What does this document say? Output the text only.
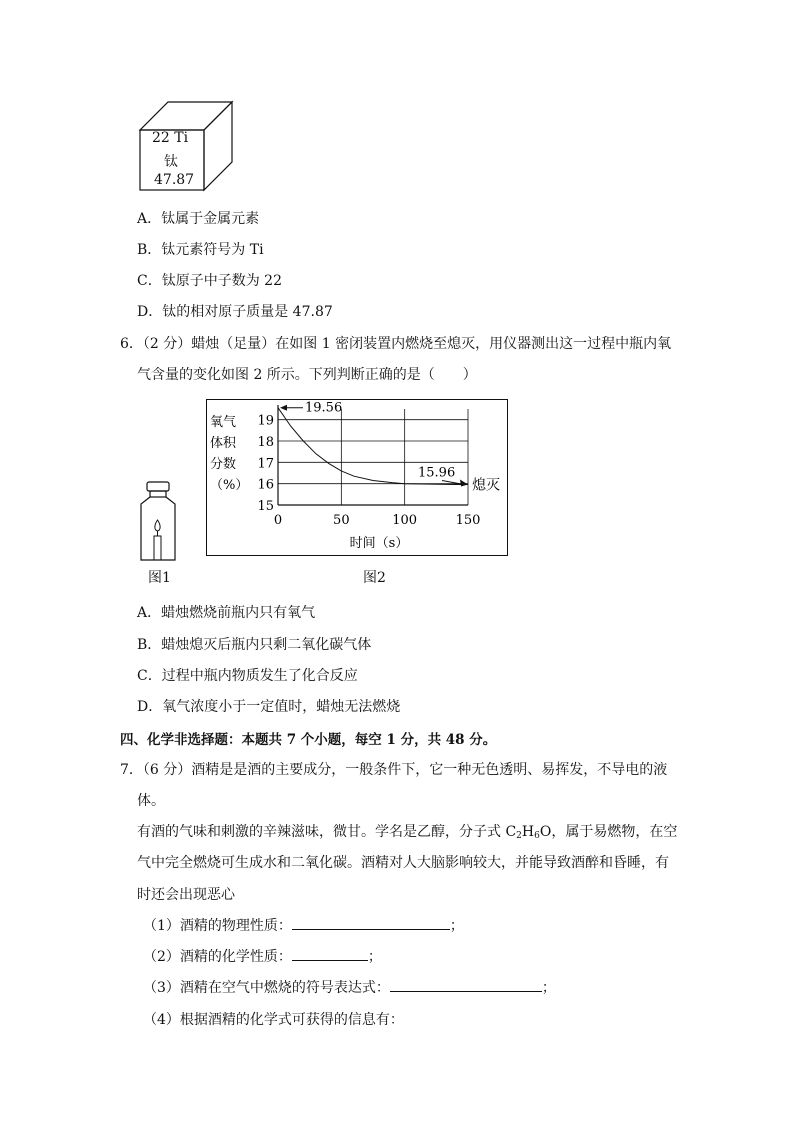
22 Ti
钛
47.87
A．钛属于金属元素
B．钛元素符号为 Ti
C．钛原子中子数为 22
D．钛的相对原子质量是 47.87
6．（2 分）蜡烛（足量）在如图 1 密闭装置内燃烧至熄灭，用仪器测出这一过程中瓶内氧
气含量的变化如图 2 所示。下列判断正确的是（　　）
图1
19
18
17
16
15
0	50	100	150
氧气
体积
分数
（%）
时间（s）
19.56
15.96
熄灭
图2
A．蜡烛燃烧前瓶内只有氧气
B．蜡烛熄灭后瓶内只剩二氧化碳气体
C．过程中瓶内物质发生了化合反应
D．氧气浓度小于一定值时，蜡烛无法燃烧
四、化学非选择题：本题共 7 个小题，每空 1 分，共 48 分。
7．（6 分）酒精是是酒的主要成分，一般条件下，它一种无色透明、易挥发，不导电的液
体。
有酒的气味和刺激的辛辣滋味，微甘。学名是乙醇，分子式 $C_2H_6O$，属于易燃物，在空
气中完全燃烧可生成水和二氧化碳。酒精对人大脑影响较大，并能导致酒醉和昏睡，有
时还会出现恶心
（1）酒精的物理性质：	；
（2）酒精的化学性质：	；
（3）酒精在空气中燃烧的符号表达式：	；
（4）根据酒精的化学式可获得的信息有：
